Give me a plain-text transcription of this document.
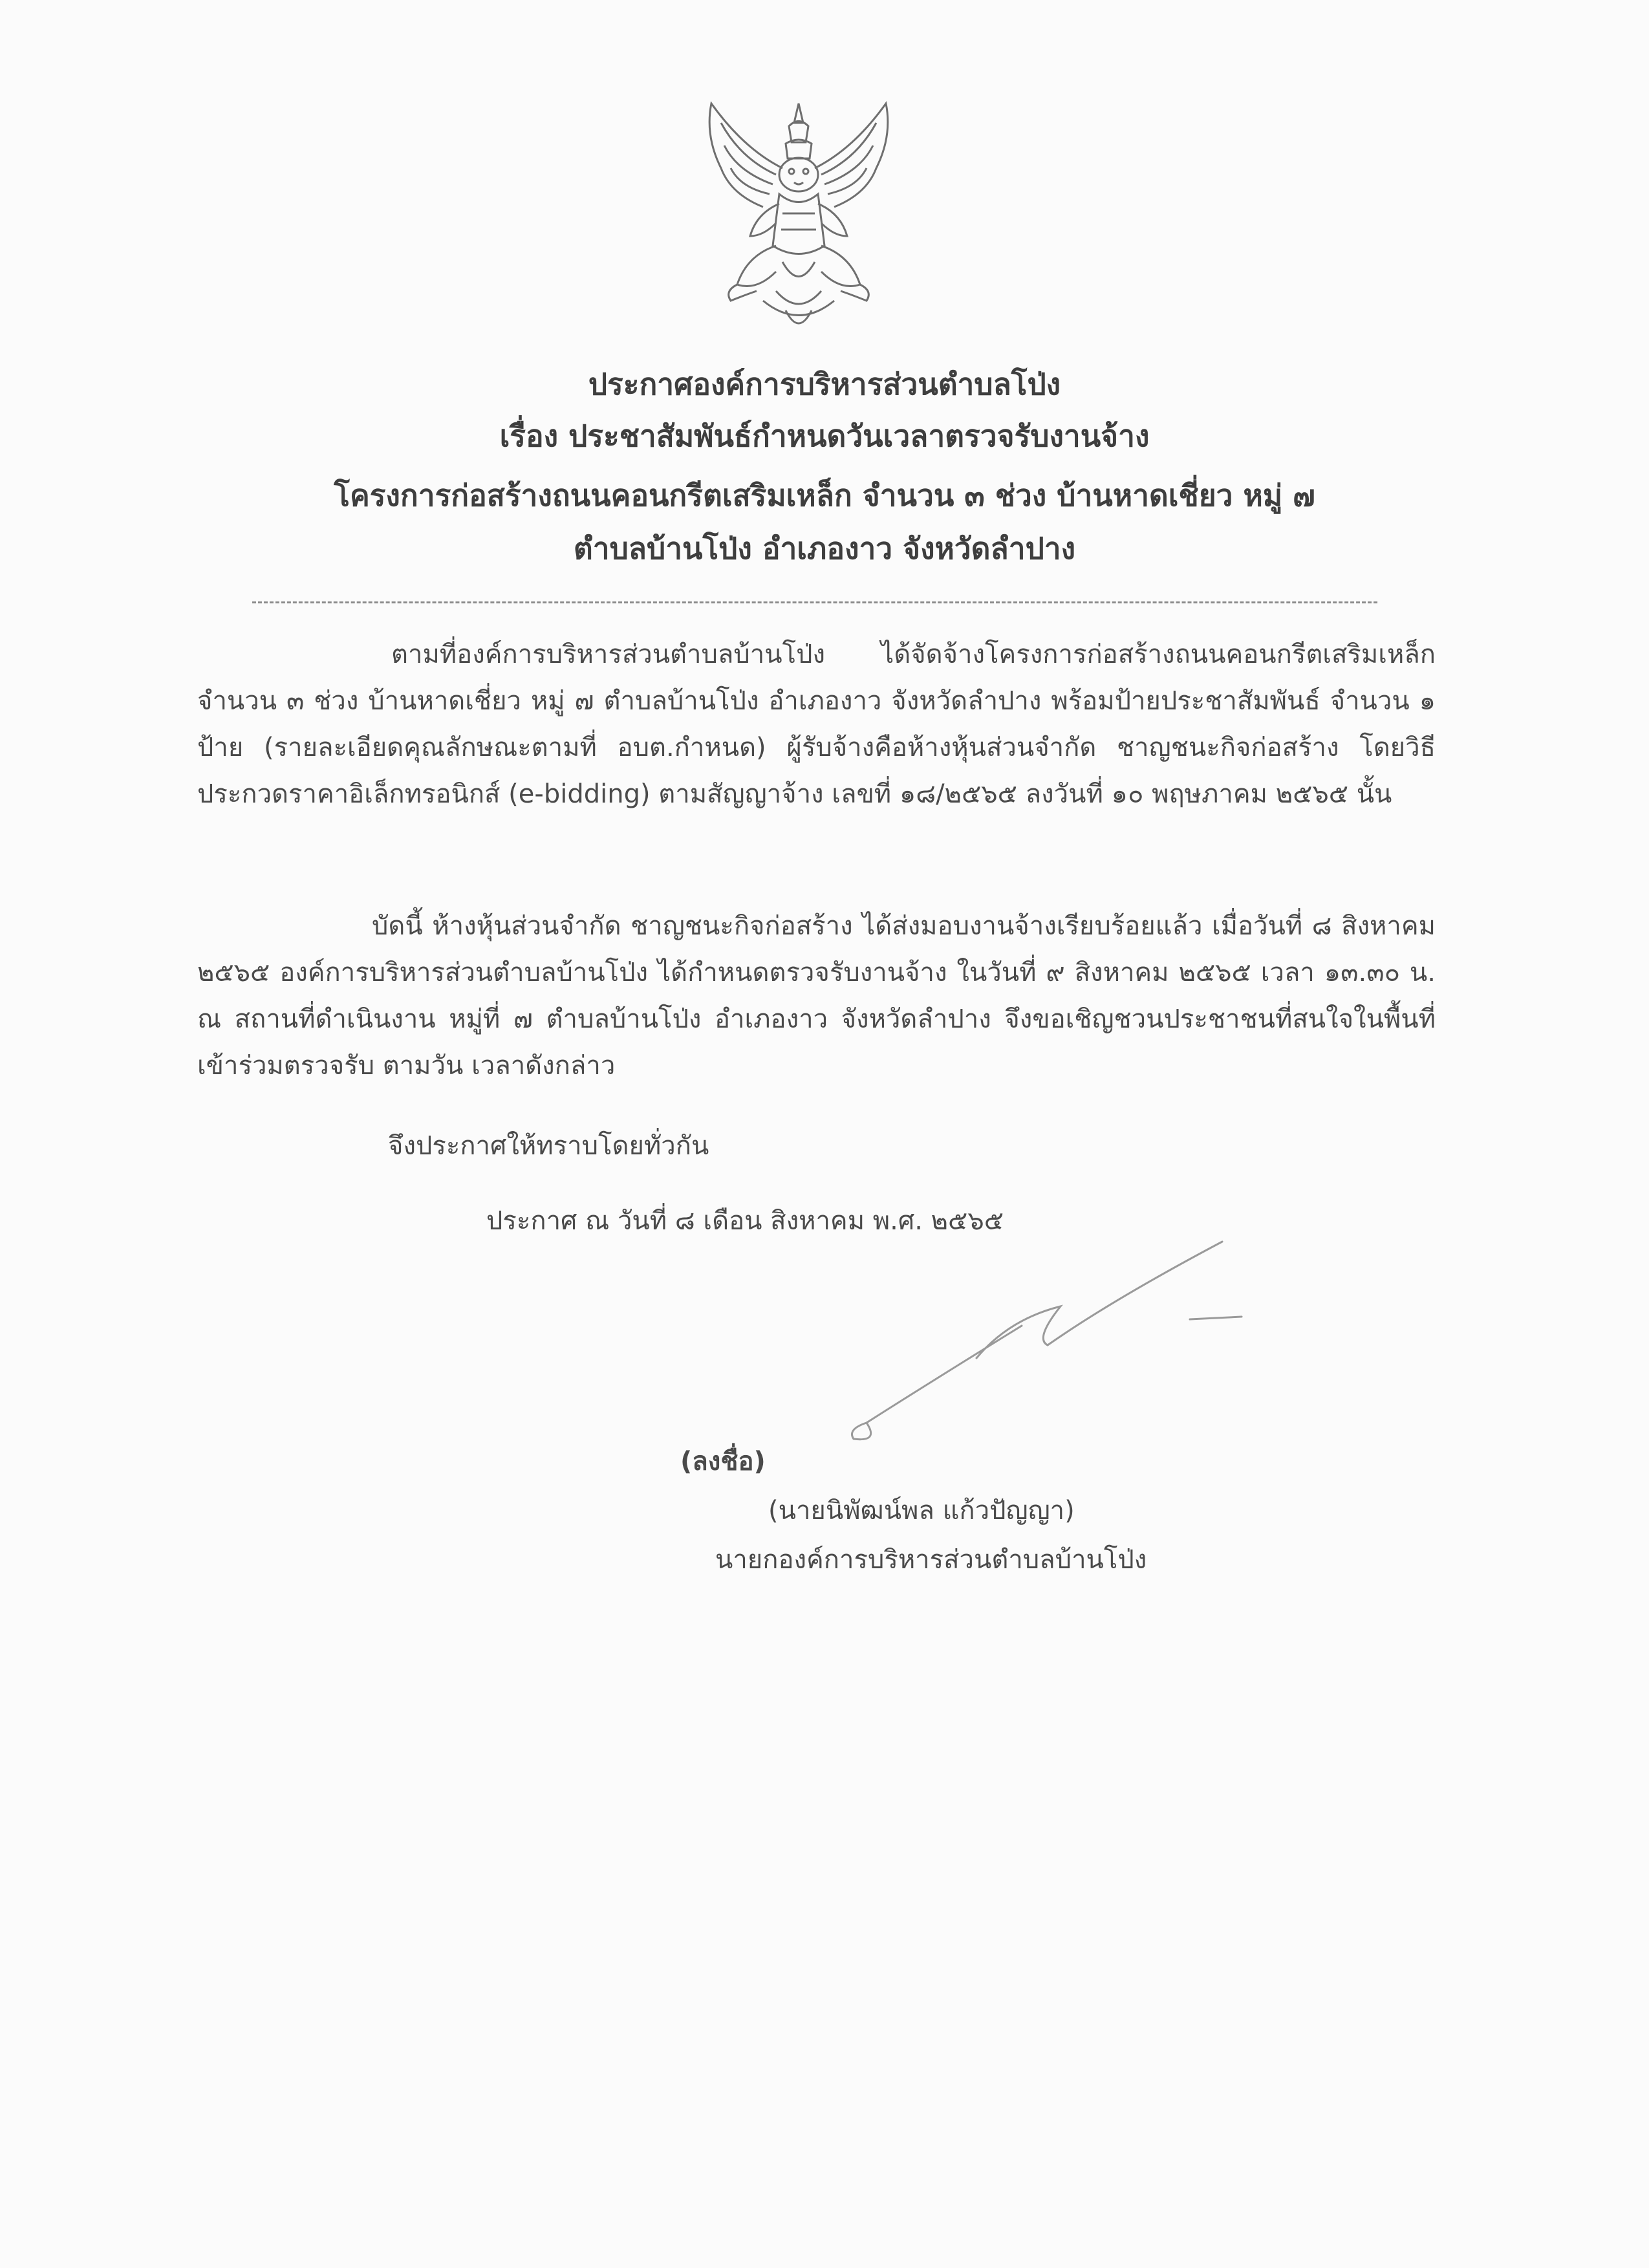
ประกาศองค์การบริหารส่วนตำบลโป่ง
เรื่อง ประชาสัมพันธ์กำหนดวันเวลาตรวจรับงานจ้าง
โครงการก่อสร้างถนนคอนกรีตเสริมเหล็ก จำนวน ๓ ช่วง บ้านหาดเชี่ยว หมู่ ๗
ตำบลบ้านโป่ง อำเภองาว จังหวัดลำปาง
ตามที่องค์การบริหารส่วนตำบลบ้านโป่ง ได้จัดจ้างโครงการก่อสร้างถนนคอนกรีตเสริมเหล็ก จำนวน ๓ ช่วง บ้านหาดเชี่ยว หมู่ ๗ ตำบลบ้านโป่ง อำเภองาว จังหวัดลำปาง พร้อมป้ายประชาสัมพันธ์ จำนวน ๑ ป้าย (รายละเอียดคุณลักษณะตามที่ อบต.กำหนด) ผู้รับจ้างคือห้างหุ้นส่วนจำกัด ชาญชนะกิจก่อสร้าง โดยวิธีประกวดราคาอิเล็กทรอนิกส์ (e-bidding) ตามสัญญาจ้าง เลขที่ ๑๘/๒๕๖๕ ลงวันที่ ๑๐ พฤษภาคม ๒๕๖๕ นั้น
บัดนี้ ห้างหุ้นส่วนจำกัด ชาญชนะกิจก่อสร้าง ได้ส่งมอบงานจ้างเรียบร้อยแล้ว เมื่อวันที่ ๘ สิงหาคม ๒๕๖๕ องค์การบริหารส่วนตำบลบ้านโป่ง ได้กำหนดตรวจรับงานจ้าง ในวันที่ ๙ สิงหาคม ๒๕๖๕ เวลา ๑๓.๓๐ น. ณ สถานที่ดำเนินงาน หมู่ที่ ๗ ตำบลบ้านโป่ง อำเภองาว จังหวัดลำปาง จึงขอเชิญชวนประชาชนที่สนใจในพื้นที่เข้าร่วมตรวจรับ ตามวัน เวลาดังกล่าว
จึงประกาศให้ทราบโดยทั่วกัน
ประกาศ ณ วันที่ ๘ เดือน สิงหาคม พ.ศ. ๒๕๖๕
(ลงชื่อ)
(นายนิพัฒน์พล แก้วปัญญา)
นายกองค์การบริหารส่วนตำบลบ้านโป่ง
